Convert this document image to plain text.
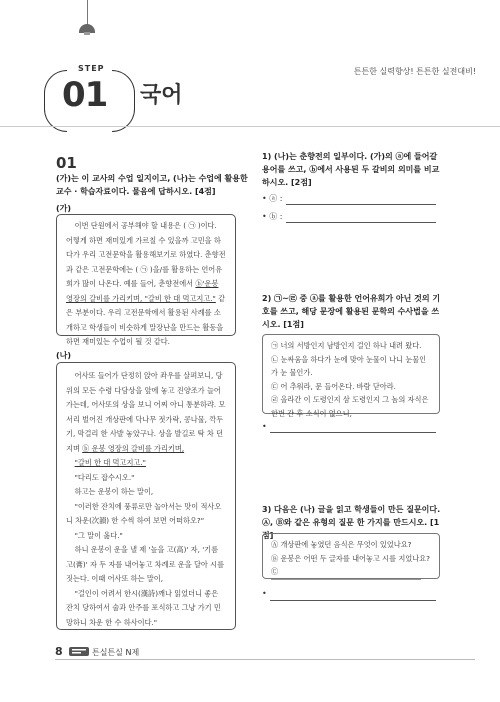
STEP
01 국어
튼튼한 실력향상! 튼튼한 실전대비!
01
(가)는 이 교사의 수업 일지이고, (나)는 수업에 활용한 교수 · 학습자료이다. 물음에 답하시오. [4점]
(가)

이번 단원에서 공부해야 할 내용은 ( ㉠ )이다. 어떻게 하면 재미있게 가르칠 수 있을까 고민을 하다가 우리 고전문학을 활용해보기로 하였다. 춘향전과 같은 고전문학에는 ( ㉠ )을/를 활용하는 언어유희가 많이 나온다. 예를 들어, 춘향전에서 ⓑ'운봉 영장의 갈비를 가리키며, "갈비 한 대 먹고지고." 같은 부분이다. 우리 고전문학에서 활용된 사례를 소개하고 학생들이 비슷하게 말장난을 만드는 활동을 하면 재미있는 수업이 될 것 같다.

(나)

어사또 들어가 단정히 앉아 좌우를 살펴보니, 당위의 모든 수령 다담상을 앞에 놓고 진양조가 늘어가는데, 어사또의 상을 보니 어찌 아니 통분하랴. 모서리 벌어진 개상판에 닥나무 젓가락, 콩나물, 깍두기, 막걸리 한 사발 놓았구나. 상을 발길로 탁 차 던지며 ⓑ 운봉 영장의 갈비를 가리키며,

"갈비 한 대 먹고지고."

"다리도 잡수시오."

하고는 운봉이 하는 말이,

"이러한 잔치에 풍류로만 놀아서는 맛이 적사오니 차운(次韻) 한 수씩 하여 보면 어떠하오?"

"그 말이 옳다."

하니 운봉이 운을 낼 제 '높을 고(高)' 자, '기름 고(膏)' 자 두 자를 내어놓고 차례로 운을 달아 시를 짓는다. 이때 어사또 하는 말이,

"걸인이 어려서 한시(漢詩)깨나 읽었더니 좋은 잔치 당하여서 술과 안주를 포식하고 그냥 가기 민망하니 차운 한 수 하사이다."

1) (나)는 춘향전의 일부이다. (가)의 ⓐ에 들어갈 용어를 쓰고, ⓑ에서 사용된 두 갈비의 의미를 비교하시오. [2점]
• ⓐ :
• ⓑ :
2) ㉠~㉣ 중 ⓐ를 활용한 언어유희가 아닌 것의 기호를 쓰고, 해당 문장에 활용된 문학의 수사법을 쓰시오. [1점]
㉠ 너의 서방인지 남방인지 걸인 하나 내려 왔다.
㉡ 눈싸움을 하다가 눈에 맞아 눈물이 나니 눈물인가 눈 물인가.
㉢ 어 추워라, 문 들어온다. 바람 닫아라.
㉣ 올라간 이 도령인지 삼 도령인지 그 놈의 자식은 한번 간 후 소식이 없으니,
•
3) 다음은 (나) 글을 읽고 학생들이 만든 질문이다. Ⓐ, Ⓑ와 같은 유형의 질문 한 가지를 만드시오. [1점]
Ⓐ 개상판에 놓였던 음식은 무엇이 있었나요?
Ⓑ 운봉은 어떤 두 글자를 내어놓고 시를 지었나요?
Ⓒ
•
8	튼실튼실 N제
